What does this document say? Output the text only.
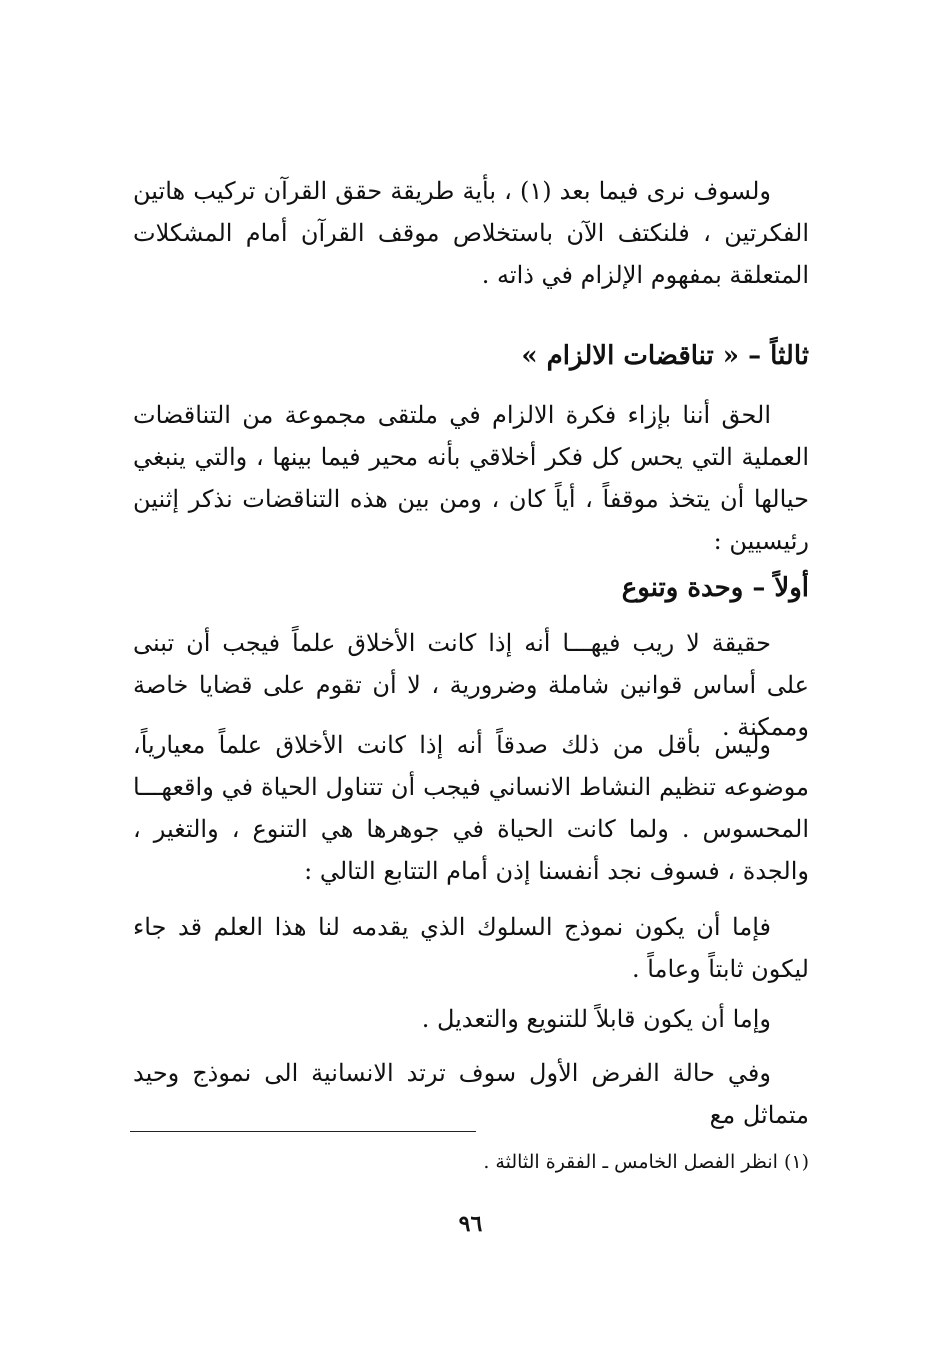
ولسوف نرى فيما بعد (١) ، بأية طريقة حقق القرآن تركيب هاتين الفكرتين ، فلنكتف الآن باستخلاص موقف القرآن أمام المشكلات المتعلقة بمفهوم الإلزام في ذاته .

ثالثاً – « تناقضات الالزام »

الحق أننا بإزاء فكرة الالزام في ملتقى مجموعة من التناقضات العملية التي يحس كل فكر أخلاقي بأنه محير فيما بينها ، والتي ينبغي حيالها أن يتخذ موقفاً ، أياً كان ، ومن بين هذه التناقضات نذكر إثنين رئيسيين :

أولاً – وحدة وتنوع

حقيقة لا ريب فيهـــا أنه إذا كانت الأخلاق علماً فيجب أن تبنى على أساس قوانين شاملة وضرورية ، لا أن تقوم على قضايا خاصة وممكنة .

وليس بأقل من ذلك صدقاً أنه إذا كانت الأخلاق علماً معيارياً، موضوعه تنظيم النشاط الانساني فيجب أن تتناول الحياة في واقعهـــا المحسوس . ولما كانت الحياة في جوهرها هي التنوع ، والتغير ، والجدة ، فسوف نجد أنفسنا إذن أمام التتابع التالي :

فإما أن يكون نموذج السلوك الذي يقدمه لنا هذا العلم قد جاء ليكون ثابتاً وعاماً .

وإما أن يكون قابلاً للتنويع والتعديل .

وفي حالة الفرض الأول سوف ترتد الانسانية الى نموذج وحيد متماثل مع

(١) انظر الفصل الخامس ـ الفقرة الثالثة .

٩٦
